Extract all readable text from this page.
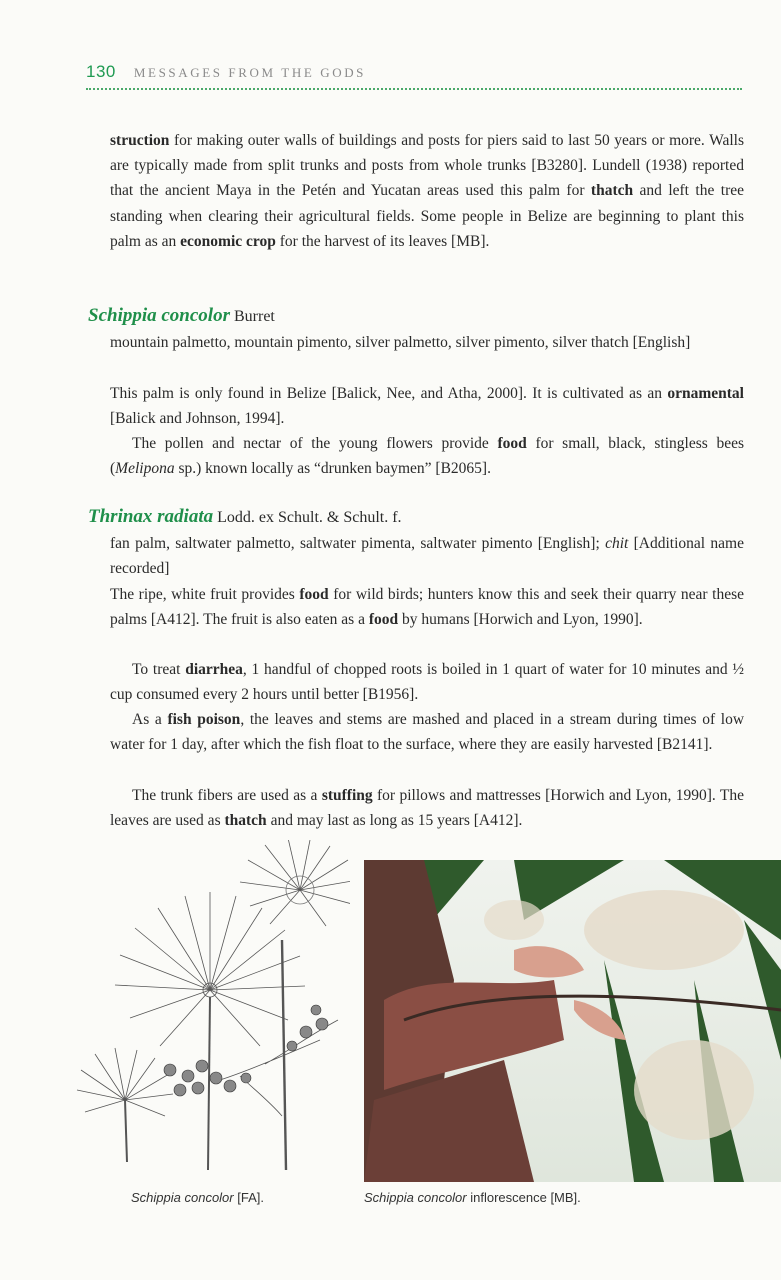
130 MESSAGES FROM THE GODS

struction for making outer walls of buildings and posts for piers said to last 50 years or more. Walls are typically made from split trunks and posts from whole trunks [B3280]. Lundell (1938) reported that the ancient Maya in the Petén and Yucatan areas used this palm for thatch and left the tree standing when clearing their agricultural fields. Some people in Belize are beginning to plant this palm as an economic crop for the harvest of its leaves [MB].

Schippia concolor Burret

mountain palmetto, mountain pimento, silver palmetto, silver pimento, silver thatch [English]

This palm is only found in Belize [Balick, Nee, and Atha, 2000]. It is cultivated as an ornamental [Balick and Johnson, 1994].

The pollen and nectar of the young flowers provide food for small, black, stingless bees (Melipona sp.) known locally as “drunken baymen” [B2065].

Thrinax radiata Lodd. ex Schult. & Schult. f.

fan palm, saltwater palmetto, saltwater pimenta, saltwater pimento [English]; chit [Additional name recorded]

The ripe, white fruit provides food for wild birds; hunters know this and seek their quarry near these palms [A412]. The fruit is also eaten as a food by humans [Horwich and Lyon, 1990].

To treat diarrhea, 1 handful of chopped roots is boiled in 1 quart of water for 10 minutes and ½ cup consumed every 2 hours until better [B1956].

As a fish poison, the leaves and stems are mashed and placed in a stream during times of low water for 1 day, after which the fish float to the surface, where they are easily harvested [B2141].

The trunk fibers are used as a stuffing for pillows and mattresses [Horwich and Lyon, 1990]. The leaves are used as thatch and may last as long as 15 years [A412].

Schippia concolor [FA].	Schippia concolor inflorescence [MB].
